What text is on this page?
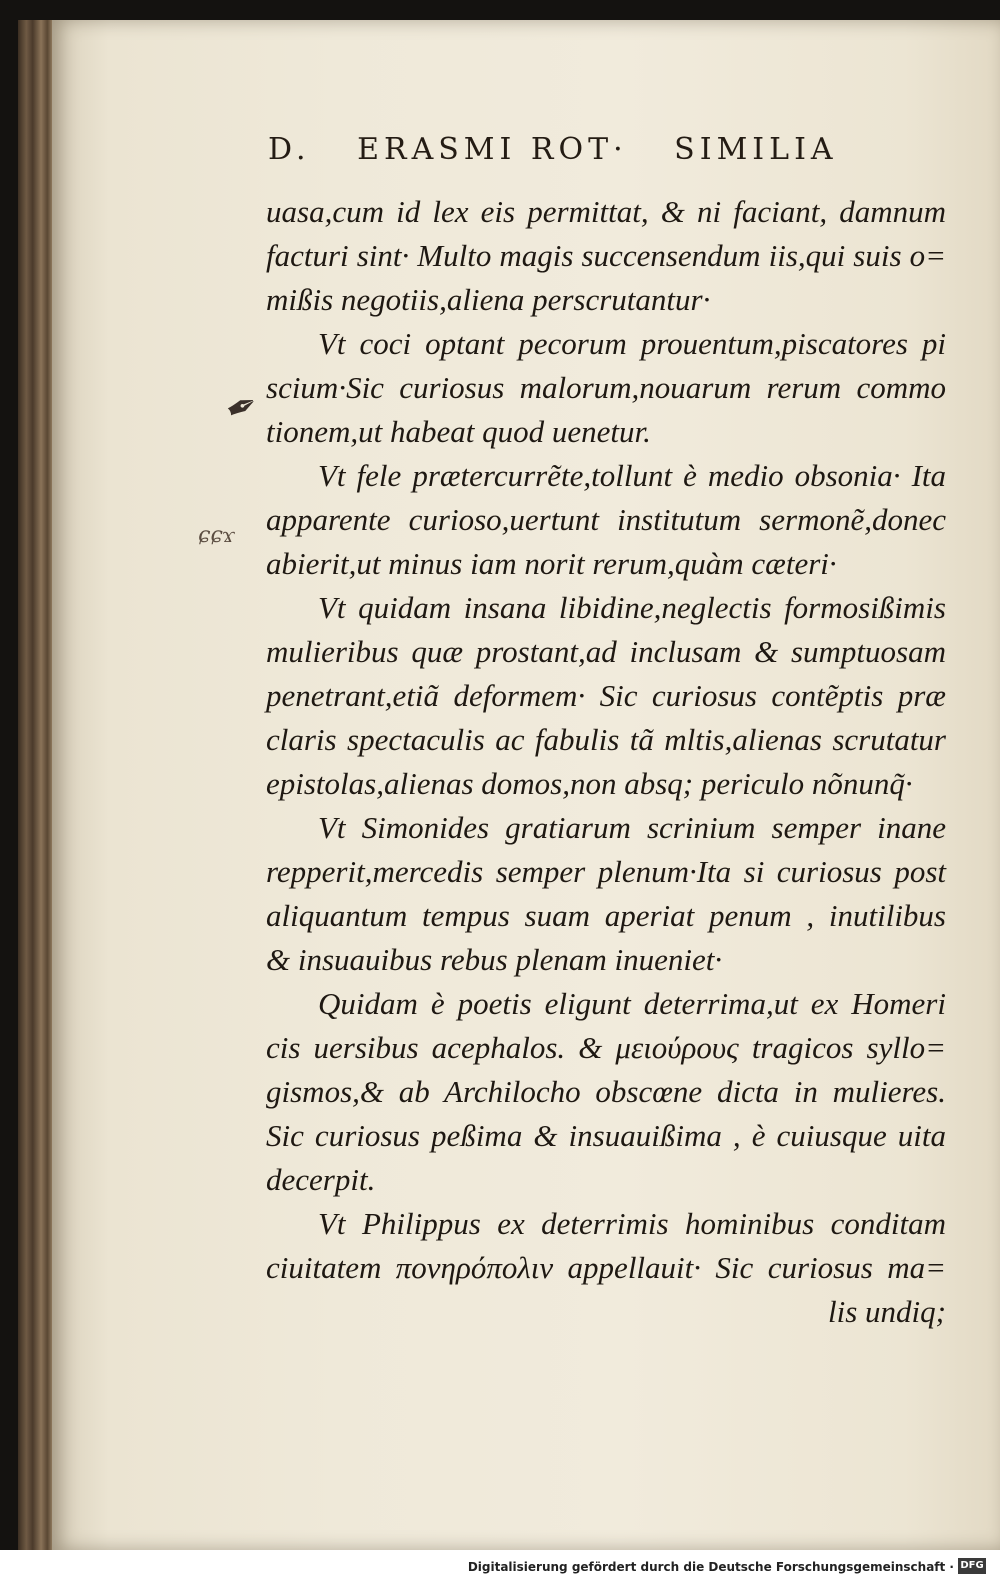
D. ERASMI ROT· SIMILIA
✒
ɕɕϫ
uasa,cum id lex eis permittat, & ni faciant, damnum
facturi sint· Multo magis succensendum iis,qui suis o=
mißis negotiis,aliena perscrutantur·
Vt coci optant pecorum prouentum,piscatores pi
scium·Sic curiosus malorum,nouarum rerum commo
tionem,ut habeat quod uenetur.
Vt fele prætercurrẽte,tollunt è medio obsonia· Ita
apparente curioso,uertunt institutum sermonẽ,donec
abierit,ut minus iam norit rerum,quàm cæteri·
Vt quidam insana libidine,neglectis formosißimis
mulieribus quæ prostant,ad inclusam & sumptuosam
penetrant,etiã deformem· Sic curiosus contẽptis præ
claris spectaculis ac fabulis tã mltis,alienas scrutatur
epistolas,alienas domos,non absq; periculo nõnunq̃·
Vt Simonides gratiarum scrinium semper inane
repperit,mercedis semper plenum·Ita si curiosus post
aliquantum tempus suam aperiat penum , inutilibus
& insuauibus rebus plenam inueniet·
Quidam è poetis eligunt deterrima,ut ex Homeri
cis uersibus acephalos. & μειούρους tragicos syllo=
gismos,& ab Archilocho obscœne dicta in mulieres.
Sic curiosus peßima & insuauißima , è cuiusque uita
decerpit.
Vt Philippus ex deterrimis hominibus conditam
ciuitatem πονηρόπολιν appellauit· Sic curiosus ma=
lis undiq;
Digitalisierung gefördert durch die Deutsche Forschungsgemeinschaft · DFG
